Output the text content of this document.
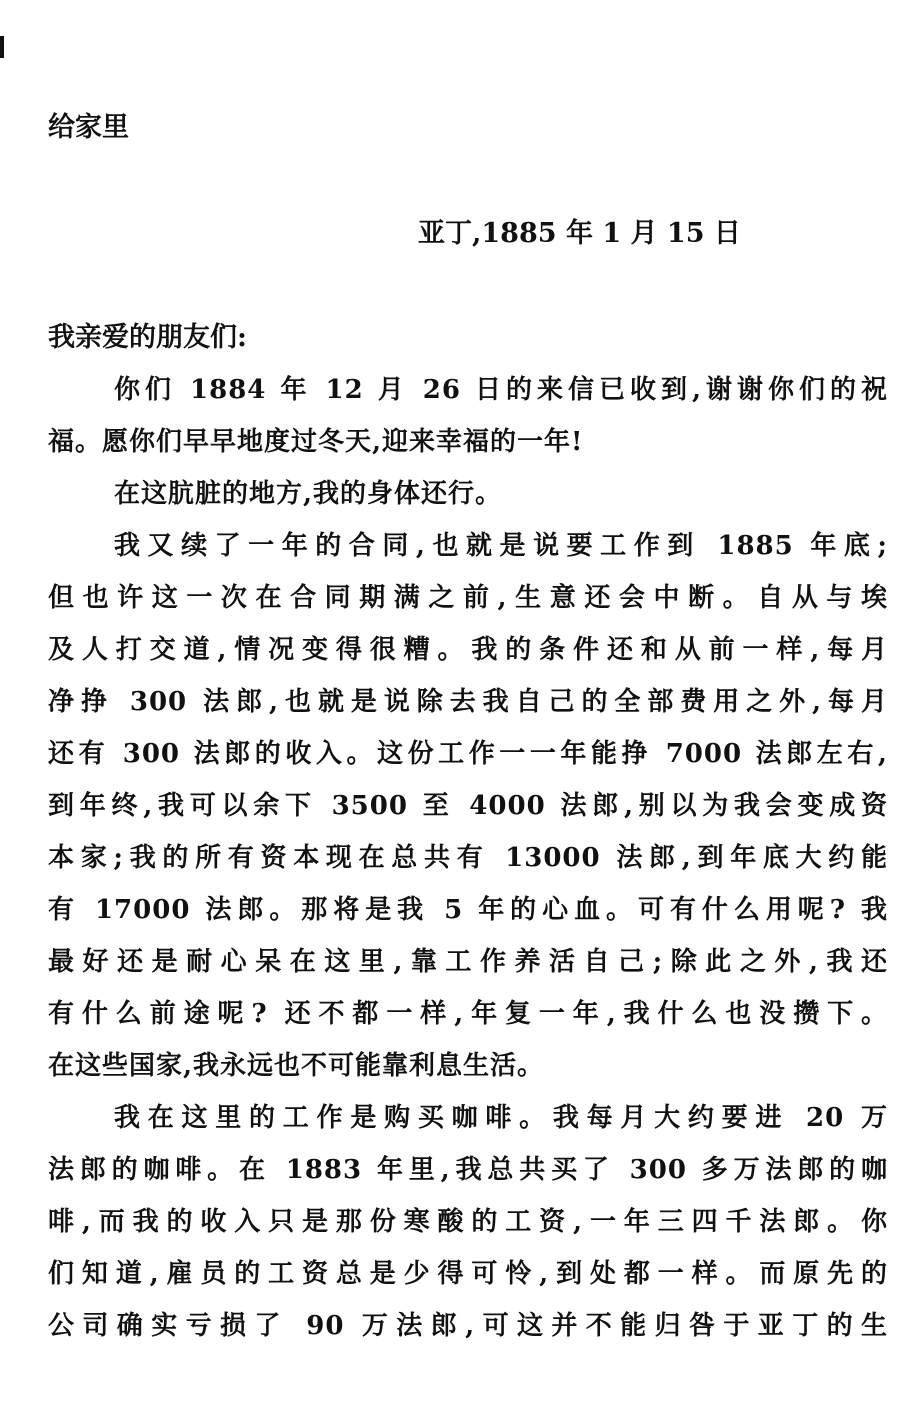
给家里
亚丁,1885 年 1 月 15 日
我亲爱的朋友们:
你们 1884 年 12 月 26 日的来信已收到,谢谢你们的祝
福。愿你们早早地度过冬天,迎来幸福的一年!
在这肮脏的地方,我的身体还行。
我又续了一年的合同,也就是说要工作到 1885 年底;
但也许这一次在合同期满之前,生意还会中断。自从与埃
及人打交道,情况变得很糟。我的条件还和从前一样,每月
净挣 300 法郎,也就是说除去我自己的全部费用之外,每月
还有 300 法郎的收入。这份工作一一年能挣 7000 法郎左右,
到年终,我可以余下 3500 至 4000 法郎,别以为我会变成资
本家;我的所有资本现在总共有 13000 法郎,到年底大约能
有 17000 法郎。那将是我 5 年的心血。可有什么用呢? 我
最好还是耐心呆在这里,靠工作养活自己;除此之外,我还
有什么前途呢? 还不都一样,年复一年,我什么也没攒下。
在这些国家,我永远也不可能靠利息生活。
我在这里的工作是购买咖啡。我每月大约要进 20 万
法郎的咖啡。在 1883 年里,我总共买了 300 多万法郎的咖
啡,而我的收入只是那份寒酸的工资,一年三四千法郎。你
们知道,雇员的工资总是少得可怜,到处都一样。而原先的
公司确实亏损了 90 万法郎,可这并不能归咎于亚丁的生
